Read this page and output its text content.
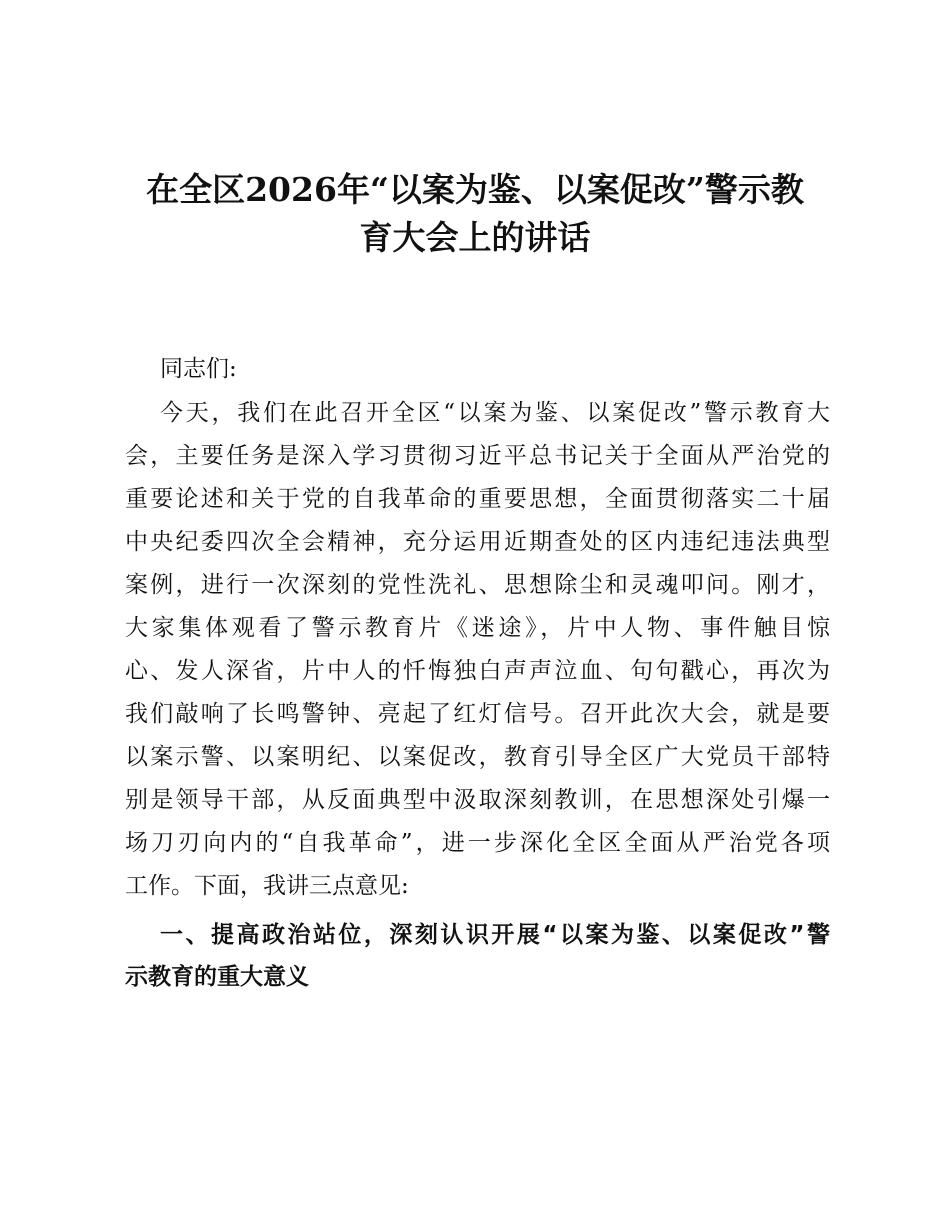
在全区2026年“以案为鉴、以案促改”警示教
育大会上的讲话
同志们:
今天，我们在此召开全区“以案为鉴、以案促改”警示教育大
会，主要任务是深入学习贯彻习近平总书记关于全面从严治党的
重要论述和关于党的自我革命的重要思想，全面贯彻落实二十届
中央纪委四次全会精神，充分运用近期查处的区内违纪违法典型
案例，进行一次深刻的党性洗礼、思想除尘和灵魂叩问。刚才，
大家集体观看了警示教育片《迷途》，片中人物、事件触目惊
心、发人深省，片中人的忏悔独白声声泣血、句句戳心，再次为
我们敲响了长鸣警钟、亮起了红灯信号。召开此次大会，就是要
以案示警、以案明纪、以案促改，教育引导全区广大党员干部特
别是领导干部，从反面典型中汲取深刻教训，在思想深处引爆一
场刀刃向内的“自我革命”，进一步深化全区全面从严治党各项
工作。下面，我讲三点意见:
一、提高政治站位，深刻认识开展“以案为鉴、以案促改”警
示教育的重大意义
